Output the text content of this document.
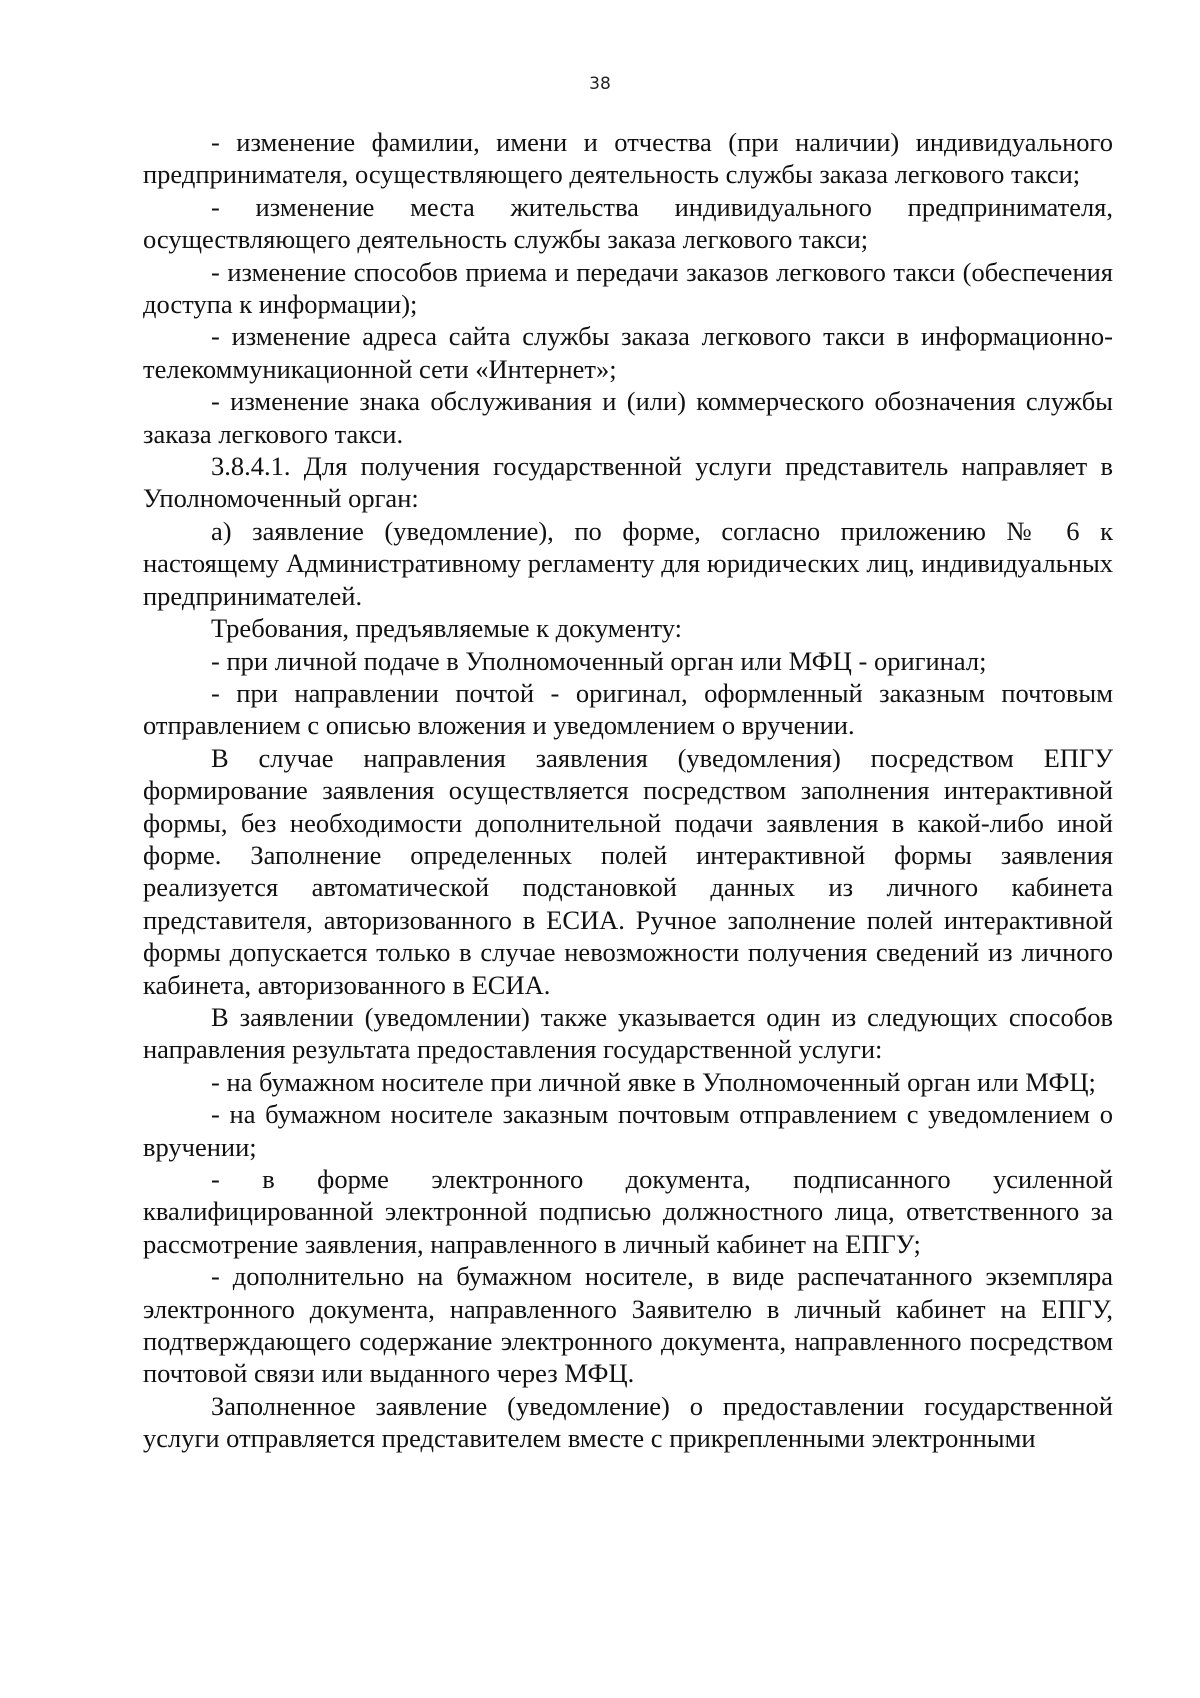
38

- изменение фамилии, имени и отчества (при наличии) индивидуального предпринимателя, осуществляющего деятельность службы заказа легкового такси;

- изменение места жительства индивидуального предпринимателя, осуществляющего деятельность службы заказа легкового такси;

- изменение способов приема и передачи заказов легкового такси (обеспечения доступа к информации);

- изменение адреса сайта службы заказа легкового такси в информационно-телекоммуникационной сети «Интернет»;

- изменение знака обслуживания и (или) коммерческого обозначения службы заказа легкового такси.

3.8.4.1. Для получения государственной услуги представитель направляет в Уполномоченный орган:

а) заявление (уведомление), по форме, согласно приложению № 6 к настоящему Административному регламенту для юридических лиц, индивидуальных предпринимателей.

Требования, предъявляемые к документу:

- при личной подаче в Уполномоченный орган или МФЦ - оригинал;

- при направлении почтой - оригинал, оформленный заказным почтовым отправлением с описью вложения и уведомлением о вручении.

В случае направления заявления (уведомления) посредством ЕПГУ формирование заявления осуществляется посредством заполнения интерактивной формы, без необходимости дополнительной подачи заявления в какой-либо иной форме. Заполнение определенных полей интерактивной формы заявления реализуется автоматической подстановкой данных из личного кабинета представителя, авторизованного в ЕСИА. Ручное заполнение полей интерактивной формы допускается только в случае невозможности получения сведений из личного кабинета, авторизованного в ЕСИА.

В заявлении (уведомлении) также указывается один из следующих способов направления результата предоставления государственной услуги:

- на бумажном носителе при личной явке в Уполномоченный орган или МФЦ;

- на бумажном носителе заказным почтовым отправлением с уведомлением о вручении;

- в форме электронного документа, подписанного усиленной квалифицированной электронной подписью должностного лица, ответственного за рассмотрение заявления, направленного в личный кабинет на ЕПГУ;

- дополнительно на бумажном носителе, в виде распечатанного экземпляра электронного документа, направленного Заявителю в личный кабинет на ЕПГУ, подтверждающего содержание электронного документа, направленного посредством почтовой связи или выданного через МФЦ.

Заполненное заявление (уведомление) о предоставлении государственной услуги отправляется представителем вместе с прикрепленными электронными
